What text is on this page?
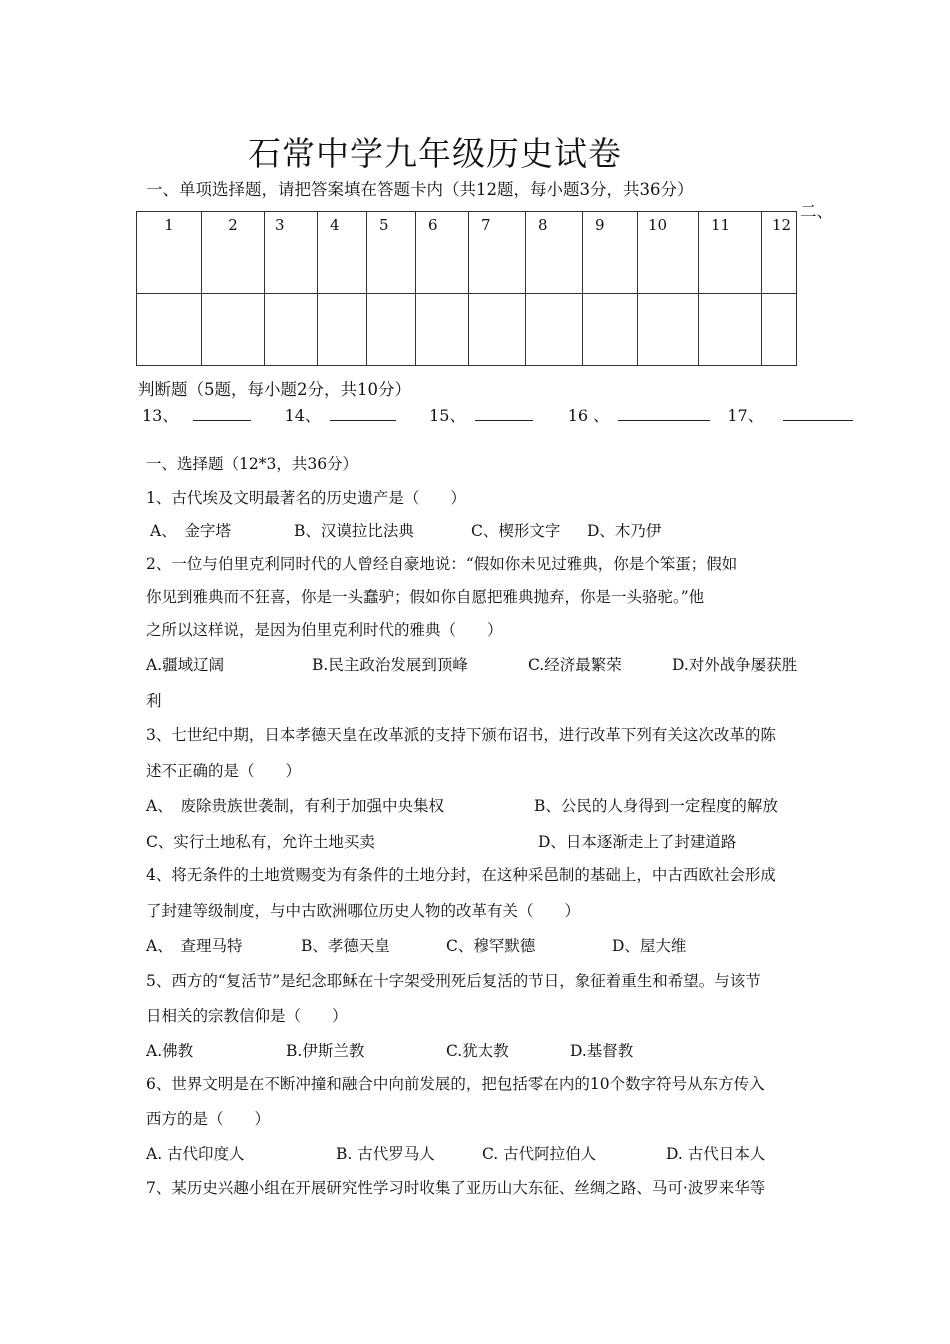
石常中学九年级历史试卷
一、单项选择题，请把答案填在答题卡内（共12题，每小题3分，共36分）
二、
1	2	3	4	5	6	7	8	9	10	11	12

判断题（5题，每小题2分，共10分）
13、	14、	15、	16 、	17、
一、选择题（12*3，共36分）
1、古代埃及文明最著名的历史遗产是（　　）
A、　金字塔	B、汉谟拉比法典	C、楔形文字 D、木乃伊
2、一位与伯里克利同时代的人曾经自豪地说：“假如你未见过雅典，你是个笨蛋；假如
你见到雅典而不狂喜，你是一头蠢驴；假如你自愿把雅典抛弃，你是一头骆驼。”他
之所以这样说，是因为伯里克利时代的雅典（　　）
A.疆域辽阔	B.民主政治发展到顶峰	C.经济最繁荣	D.对外战争屡获胜
利
3、七世纪中期，日本孝德天皇在改革派的支持下颁布诏书，进行改革下列有关这次改革的陈
述不正确的是（　　）
A、　废除贵族世袭制，有利于加强中央集权	B、公民的人身得到一定程度的解放
C、实行土地私有，允许土地买卖	D、日本逐渐走上了封建道路
4、将无条件的土地赏赐变为有条件的土地分封，在这种采邑制的基础上，中古西欧社会形成
了封建等级制度，与中古欧洲哪位历史人物的改革有关（　　）
A、　查理马特	B、孝德天皇	C、穆罕默德	D、屋大维
5、西方的“复活节”是纪念耶稣在十字架受刑死后复活的节日，象征着重生和希望。与该节
日相关的宗教信仰是（　　）
A.佛教	B.伊斯兰教	C.犹太教	D.基督教
6、世界文明是在不断冲撞和融合中向前发展的，把包括零在内的10个数字符号从东方传入
西方的是（　　）
A. 古代印度人	B. 古代罗马人	C. 古代阿拉伯人	D. 古代日本人
7、某历史兴趣小组在开展研究性学习时收集了亚历山大东征、丝绸之路、马可·波罗来华等
